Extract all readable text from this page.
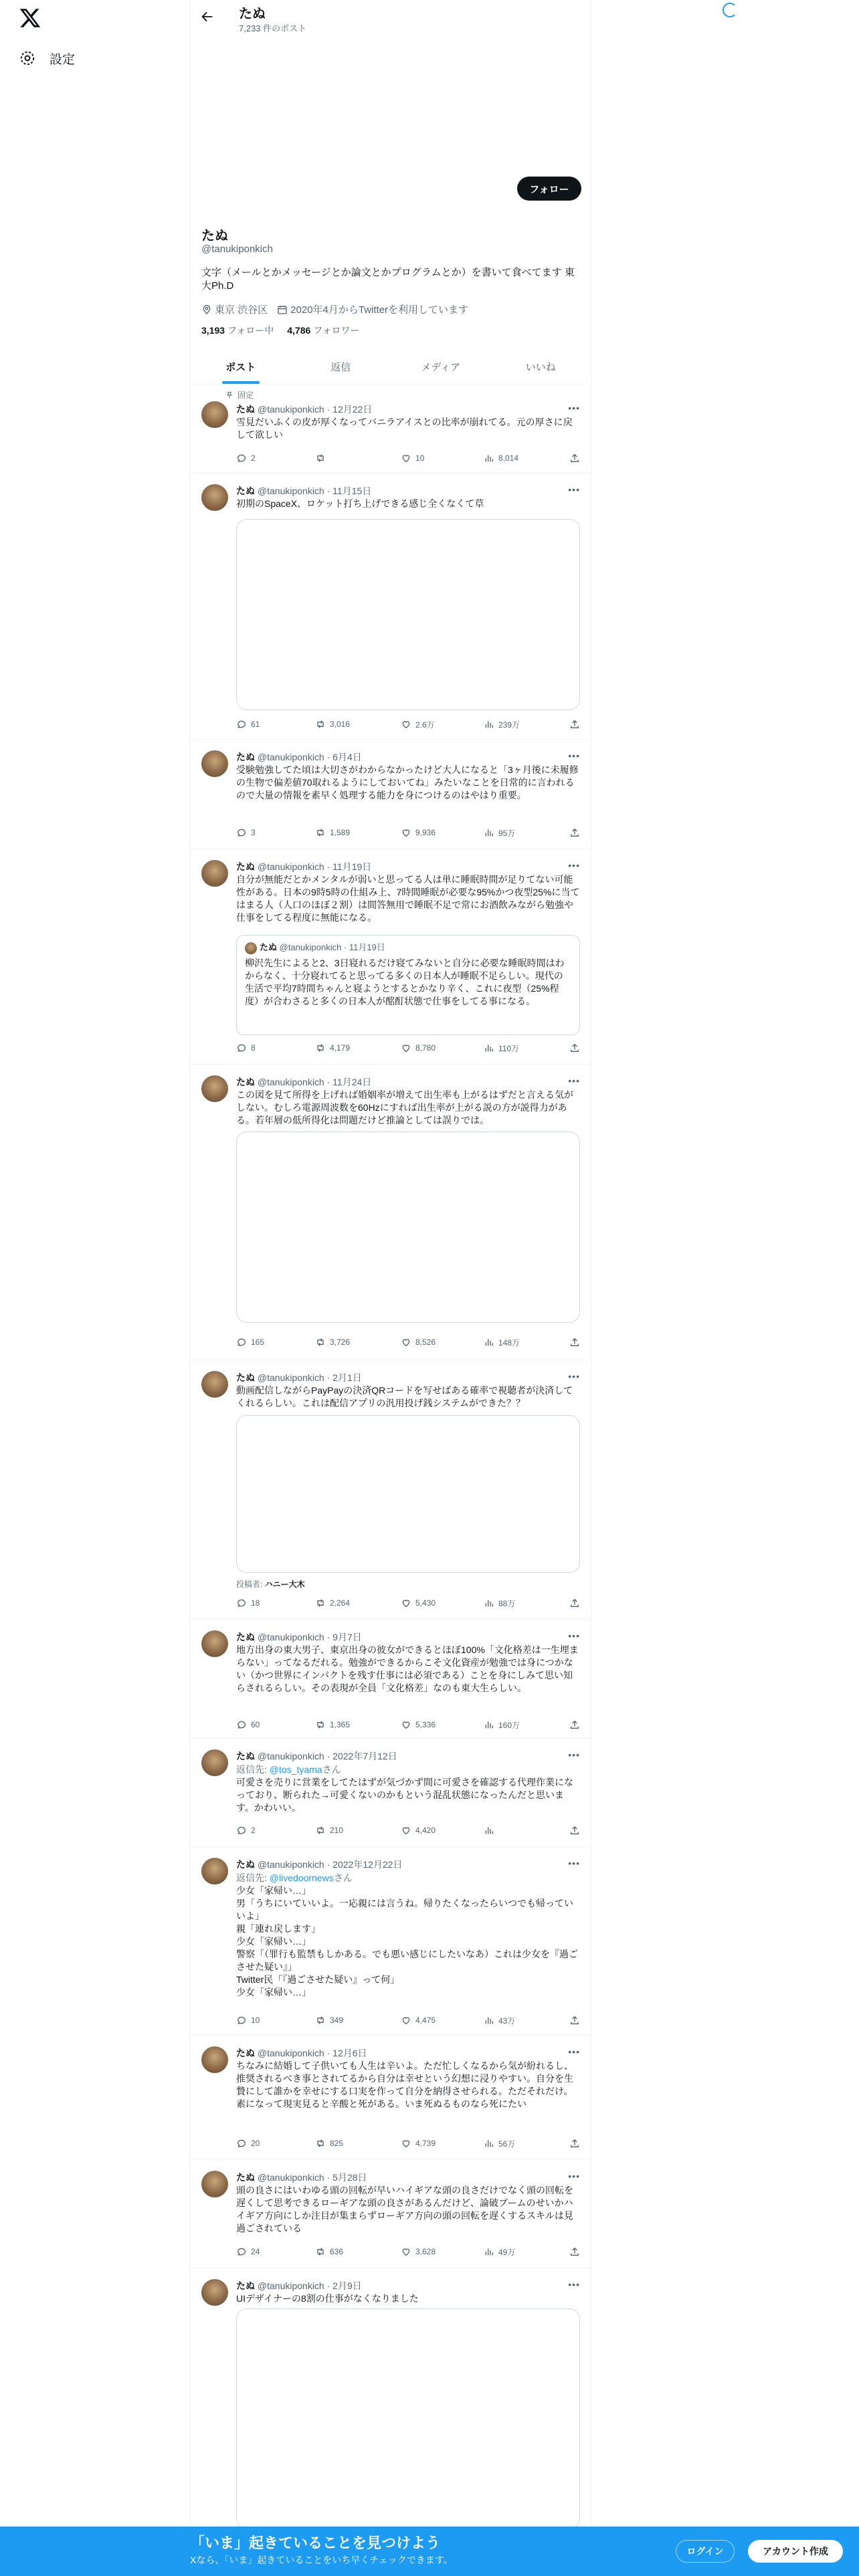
設定
たぬ
7,233 件のポスト
フォロー
たぬ
@tanukiponkich
文字（メールとかメッセージとか論文とかプログラムとか）を書いて食べてます 東大Ph.D
東京 渋谷区 2020年4月からTwitterを利用しています
3,193 フォロー中 4,786 フォロワー
ポスト	返信	メディア	いいね
固定
たぬ @tanukiponkich · 12月22日	•••
雪見だいふくの皮が厚くなってバニラアイスとの比率が崩れてる。元の厚さに戻して欲しい
2	10	8,014
たぬ @tanukiponkich · 11月15日	•••
初期のSpaceX、ロケット打ち上げできる感じ全くなくて草
61	3,016	2.6万	239万
たぬ @tanukiponkich · 6月4日	•••
受験勉強してた頃は大切さがわからなかったけど大人になると「3ヶ月後に未履修の生物で偏差値70取れるようにしておいてね」みたいなことを日常的に言われるので大量の情報を素早く処理する能力を身につけるのはやはり重要。
3	1,589	9,936	95万
たぬ @tanukiponkich · 11月19日	•••
自分が無能だとかメンタルが弱いと思ってる人は単に睡眠時間が足りてない可能性がある。日本の9時5時の仕組み上、7時間睡眠が必要な95%かつ夜型25%に当てはまる人（人口のほぼ２割）は間答無用で睡眠不足で常にお酒飲みながら勉強や仕事をしてる程度に無能になる。
たぬ @tanukiponkich · 11月19日
柳沢先生によると2、3日寝れるだけ寝てみないと自分に必要な睡眠時間はわからなく、十分寝れてると思ってる多くの日本人が睡眠不足らしい。現代の生活で平均7時間ちゃんと寝ようとするとかなり辛く、これに夜型（25%程度）が合わさると多くの日本人が酩酊状態で仕事をしてる事になる。
8	4,179	8,780	110万
たぬ @tanukiponkich · 11月24日	•••
この図を見て所得を上げれば婚姻率が増えて出生率も上がるはずだと言える気がしない。むしろ電源周波数を60Hzにすれば出生率が上がる説の方が説得力がある。若年層の低所得化は問題だけど推論としては誤りでは。
165	3,726	8,526	148万
たぬ @tanukiponkich · 2月1日	•••
動画配信しながらPayPayの決済QRコードを写せばある確率で視聴者が決済してくれるらしい。これは配信アプリの汎用投げ銭システムができた？？
投稿者: ハニー大木
18	2,264	5,430	88万
たぬ @tanukiponkich · 9月7日	•••
地方出身の東大男子、東京出身の彼女ができるとほぼ100%「文化格差は一生埋まらない」ってなるだれる。勉強ができるからこそ文化資産が勉強では身につかない（かつ世界にインパクトを残す仕事には必須である）ことを身にしみて思い知らされるらしい。その表現が全員「文化格差」なのも東大生らしい。
60	1,365	5,336	160万
たぬ @tanukiponkich · 2022年7月12日	•••
返信先: @tos_tyamaさん
可愛さを売りに営業をしてたはずが気づかず間に可愛さを確認する代理作業になっており、断られた→可愛くないのかもという混乱状態になったんだと思います。かわいい。
2	210	4,420
たぬ @tanukiponkich · 2022年12月22日	•••
返信先: @livedoornewsさん
少女「家帰い…」
男「うちにいていいよ。一応親には言うね。帰りたくなったらいつでも帰っていいよ」
親「連れ戻します」
少女「家帰い…」
警察「（罪行も監禁もしかある。でも悪い感じにしたいなあ）これは少女を『過ごさせた疑い』」
Twitter民「『過ごさせた疑い』って何」
少女「家帰い…」
10	349	4,475	43万
たぬ @tanukiponkich · 12月6日	•••
ちなみに結婚して子供いても人生は辛いよ。ただ忙しくなるから気が紛れるし、推奨されるべき事とされてるから自分は幸せという幻想に浸りやすい。自分を生贄にして誰かを幸せにする口実を作って自分を納得させられる。ただそれだけ。素になって現実見ると辛酸と死がある。いま死ぬるものなら死にたい
20	825	4,739	56万
たぬ @tanukiponkich · 5月28日	•••
頭の良さにはいわゆる頭の回転が早いハイギアな頭の良さだけでなく頭の回転を遅くして思考できるローギアな頭の良さがあるんだけど、論破ブームのせいかハイギア方向にしか注目が集まらずローギア方向の頭の回転を遅くするスキルは見過ごされている
24	636	3,628	49万
たぬ @tanukiponkich · 2月9日	•••
UIデザイナーの8割の仕事がなくなりました
「いま」起きていることを見つけよう
Xなら、「いま」起きていることをいち早くチェックできます。
ログイン	アカウント作成
